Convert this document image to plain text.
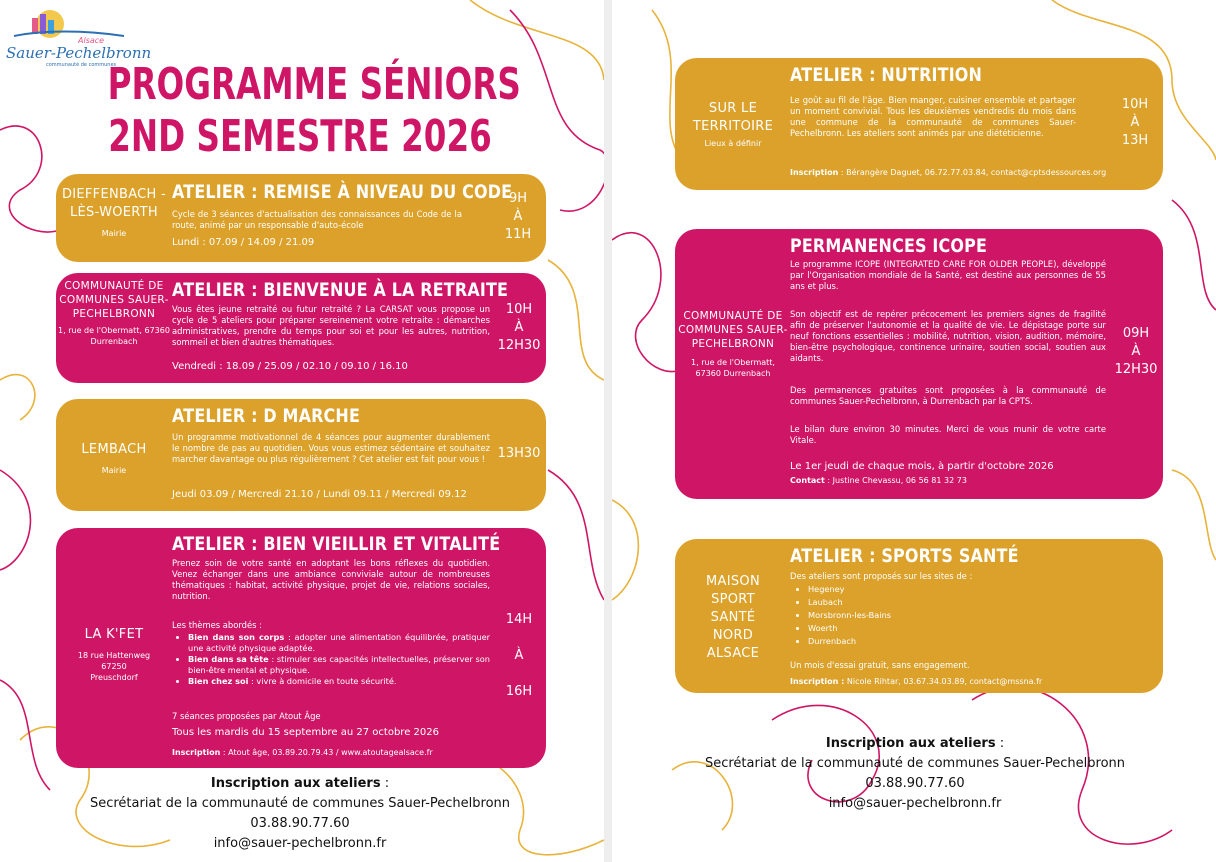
Alsace
Sauer-Pechelbronn
communauté de communes
PROGRAMME SÉNIORS
2ND SEMESTRE 2026
DIEFFENBACH -LÈS-WOERTH
Mairie
ATELIER : REMISE À NIVEAU DU CODE
Cycle de 3 séances d'actualisation des connaissances du Code de la route, animé par un responsable d'auto-école
Lundi : 07.09 / 14.09 / 21.09
9H
À
11H
COMMUNAUTÉ DE COMMUNES SAUER-PECHELBRONN
1, rue de l'Obermatt, 67360 Durrenbach
ATELIER : BIENVENUE À LA RETRAITE
Vous êtes jeune retraité ou futur retraité ? La CARSAT vous propose un cycle de 5 ateliers pour préparer sereinement votre retraite : démarches administratives, prendre du temps pour soi et pour les autres, nutrition, sommeil et bien d'autres thématiques.
Vendredi : 18.09 / 25.09 / 02.10 / 09.10 / 16.10
10H
À
12H30
LEMBACH
Mairie
ATELIER : D MARCHE
Un programme motivationnel de 4 séances pour augmenter durablement le nombre de pas au quotidien. Vous vous estimez sédentaire et souhaitez marcher davantage ou plus régulièrement ? Cet atelier est fait pour vous !
Jeudi 03.09 / Mercredi 21.10 / Lundi 09.11 / Mercredi 09.12
13H30
LA K'FET
18 rue Hattenweg 67250 Preuschdorf
ATELIER : BIEN VIEILLIR ET VITALITÉ
Prenez soin de votre santé en adoptant les bons réflexes du quotidien. Venez échanger dans une ambiance conviviale autour de nombreuses thématiques : habitat, activité physique, projet de vie, relations sociales, nutrition.
Les thèmes abordés :
• Bien dans son corps : adopter une alimentation équilibrée, pratiquer une activité physique adaptée.
• Bien dans sa tête : stimuler ses capacités intellectuelles, préserver son bien-être mental et physique.
• Bien chez soi : vivre à domicile en toute sécurité.
7 séances proposées par Atout Âge
Tous les mardis du 15 septembre au 27 octobre 2026
Inscription : Atout âge, 03.89.20.79.43 / www.atoutagealsace.fr
14H
À
16H
Inscription aux ateliers :
Secrétariat de la communauté de communes Sauer-Pechelbronn
03.88.90.77.60
info@sauer-pechelbronn.fr
SUR LE TERRITOIRE
Lieux à définir
ATELIER : NUTRITION
Le goût au fil de l'âge. Bien manger, cuisiner ensemble et partager un moment convivial. Tous les deuxièmes vendredis du mois dans une commune de la communauté de communes Sauer-Pechelbronn. Les ateliers sont animés par une diététicienne.
Inscription : Bérangère Daguet, 06.72.77.03.84, contact@cptsdessources.org
10H
À
13H
COMMUNAUTÉ DE COMMUNES SAUER-PECHELBRONN
1, rue de l'Obermatt, 67360 Durrenbach
PERMANENCES ICOPE
Le programme ICOPE (INTEGRATED CARE FOR OLDER PEOPLE), développé par l'Organisation mondiale de la Santé, est destiné aux personnes de 55 ans et plus.
Son objectif est de repérer précocement les premiers signes de fragilité afin de préserver l'autonomie et la qualité de vie. Le dépistage porte sur neuf fonctions essentielles : mobilité, nutrition, vision, audition, mémoire, bien-être psychologique, continence urinaire, soutien social, soutien aux aidants.
Des permanences gratuites sont proposées à la communauté de communes Sauer-Pechelbronn, à Durrenbach par la CPTS.
Le bilan dure environ 30 minutes. Merci de vous munir de votre carte Vitale.
Le 1er jeudi de chaque mois, à partir d'octobre 2026
Contact : Justine Chevassu, 06 56 81 32 73
09H
À
12H30
MAISON SPORT SANTÉ NORD ALSACE
ATELIER : SPORTS SANTÉ
Des ateliers sont proposés sur les sites de :
• Hegeney
• Laubach
• Morsbronn-les-Bains
• Woerth
• Durrenbach
Un mois d'essai gratuit, sans engagement.
Inscription : Nicole Rihtar, 03.67.34.03.89, contact@mssna.fr
Inscription aux ateliers :
Secrétariat de la communauté de communes Sauer-Pechelbronn
03.88.90.77.60
info@sauer-pechelbronn.fr
